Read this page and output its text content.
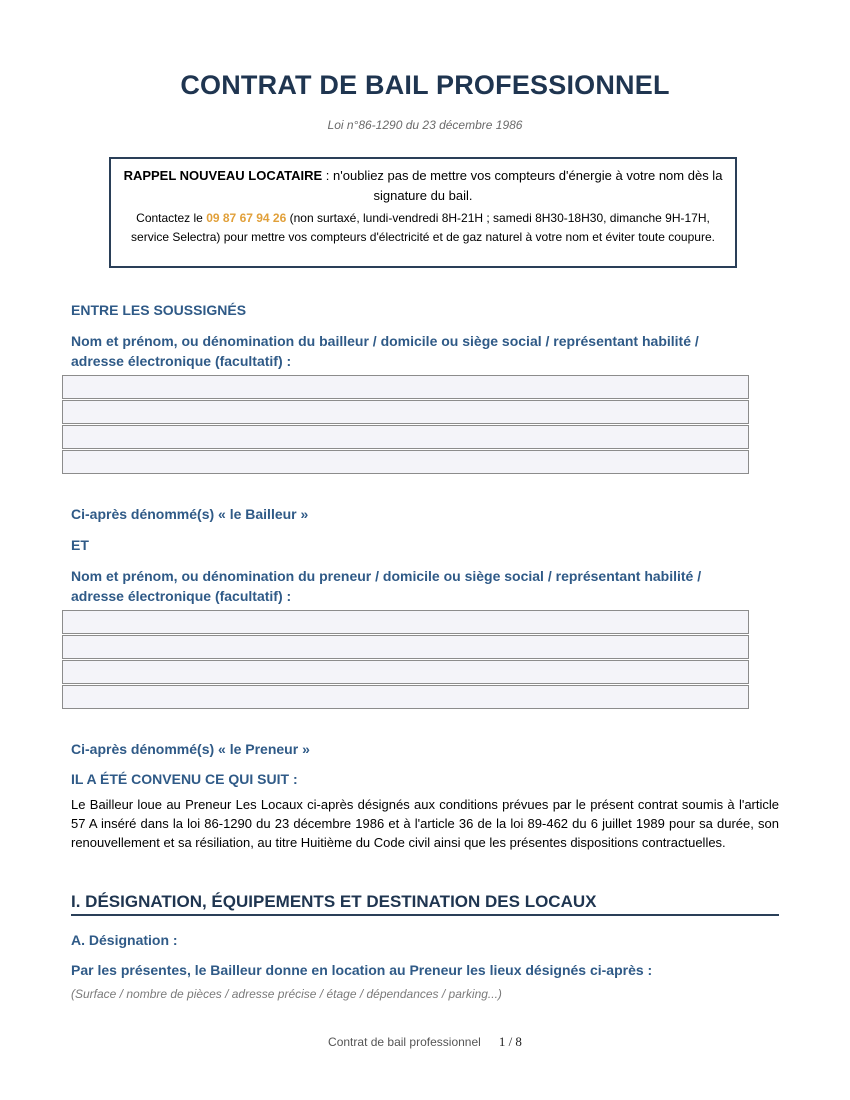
CONTRAT DE BAIL PROFESSIONNEL
Loi n°86-1290 du 23 décembre 1986
RAPPEL NOUVEAU LOCATAIRE : n'oubliez pas de mettre vos compteurs d'énergie à votre nom dès la signature du bail.
Contactez le 09 87 67 94 26 (non surtaxé, lundi-vendredi 8H-21H ; samedi 8H30-18H30, dimanche 9H-17H, service Selectra) pour mettre vos compteurs d'électricité et de gaz naturel à votre nom et éviter toute coupure.
ENTRE LES SOUSSIGNÉS
Nom et prénom, ou dénomination du bailleur / domicile ou siège social / représentant habilité / adresse électronique (facultatif) :
Ci-après dénommé(s) « le Bailleur »
ET
Nom et prénom, ou dénomination du preneur / domicile ou siège social / représentant habilité / adresse électronique (facultatif) :
Ci-après dénommé(s) « le Preneur »
IL A ÉTÉ CONVENU CE QUI SUIT :
Le Bailleur loue au Preneur Les Locaux ci-après désignés aux conditions prévues par le présent contrat soumis à l'article 57 A inséré dans la loi 86-1290 du 23 décembre 1986 et à l'article 36 de la loi 89-462 du 6 juillet 1989 pour sa durée, son renouvellement et sa résiliation, au titre Huitième du Code civil ainsi que les présentes dispositions contractuelles.
I. DÉSIGNATION, ÉQUIPEMENTS ET DESTINATION DES LOCAUX
A. Désignation :
Par les présentes, le Bailleur donne en location au Preneur les lieux désignés ci-après :
(Surface / nombre de pièces / adresse précise / étage / dépendances / parking...)
Contrat de bail professionnel 1 / 8
